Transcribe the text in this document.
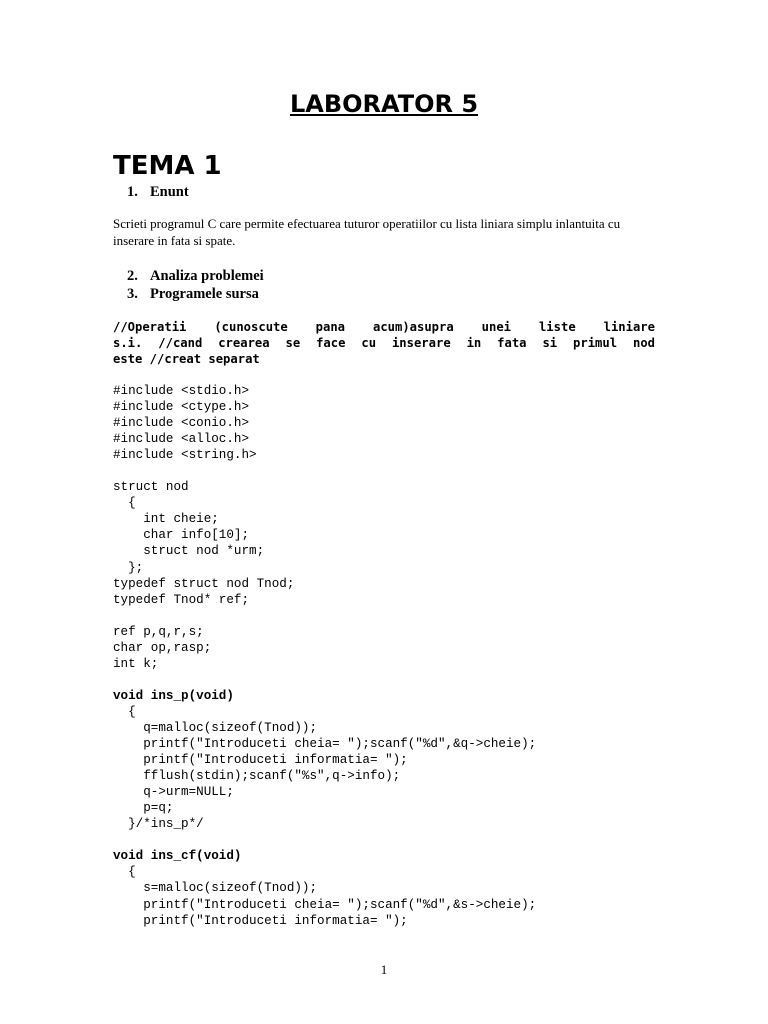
LABORATOR 5
TEMA 1

1. Enunt

Scrieti programul C care permite efectuarea tuturor operatiilor cu lista liniara simplu inlantuita cu inserare in fata si spate.

2. Analiza problemei

3. Programele sursa

//Operatii (cunoscute pana acum)asupra unei liste liniare
s.i. //cand crearea se face cu inserare in fata si primul nod
este //creat separat
#include <stdio.h>
#include <ctype.h>
#include <conio.h>
#include <alloc.h>
#include <string.h>
struct nod
{
int cheie;
char info[10];
struct nod *urm;
};
typedef struct nod Tnod;
typedef Tnod* ref;
ref p,q,r,s;
char op,rasp;
int k;
void ins_p(void)
{
q=malloc(sizeof(Tnod));
printf("Introduceti cheia= ");scanf("%d",&q->cheie);
printf("Introduceti informatia= ");
fflush(stdin);scanf("%s",q->info);
q->urm=NULL;
p=q;
}/*ins_p*/
void ins_cf(void)
{
s=malloc(sizeof(Tnod));
printf("Introduceti cheia= ");scanf("%d",&s->cheie);
printf("Introduceti informatia= ");

1
